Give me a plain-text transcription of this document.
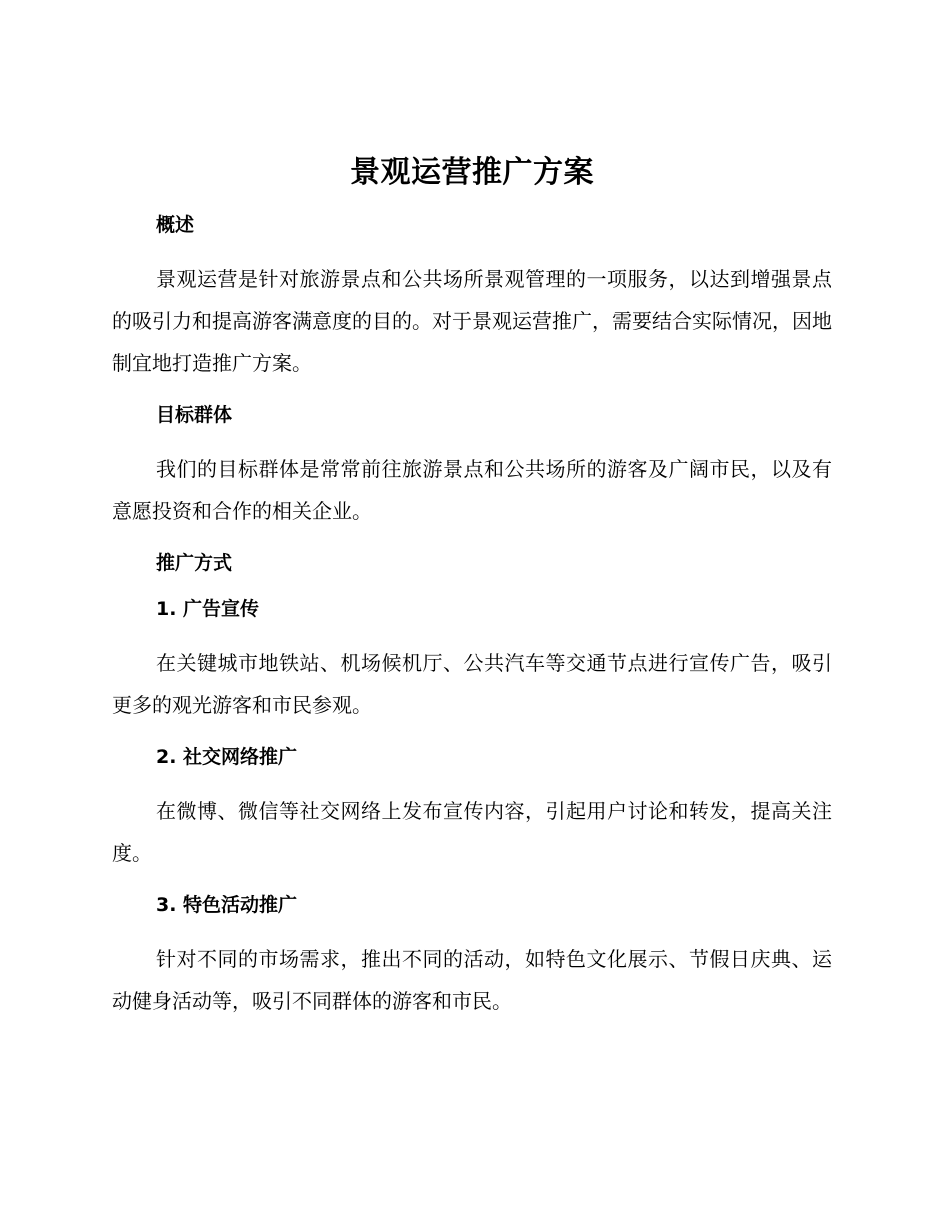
景观运营推广方案
概述
景观运营是针对旅游景点和公共场所景观管理的一项服务，以达到增强景点的吸引力和提高游客满意度的目的。对于景观运营推广，需要结合实际情况，因地制宜地打造推广方案。
目标群体
我们的目标群体是常常前往旅游景点和公共场所的游客及广阔市民，以及有意愿投资和合作的相关企业。
推广方式
1. 广告宣传
在关键城市地铁站、机场候机厅、公共汽车等交通节点进行宣传广告，吸引更多的观光游客和市民参观。
2. 社交网络推广
在微博、微信等社交网络上发布宣传内容，引起用户讨论和转发，提高关注度。
3. 特色活动推广
针对不同的市场需求，推出不同的活动，如特色文化展示、节假日庆典、运动健身活动等，吸引不同群体的游客和市民。
